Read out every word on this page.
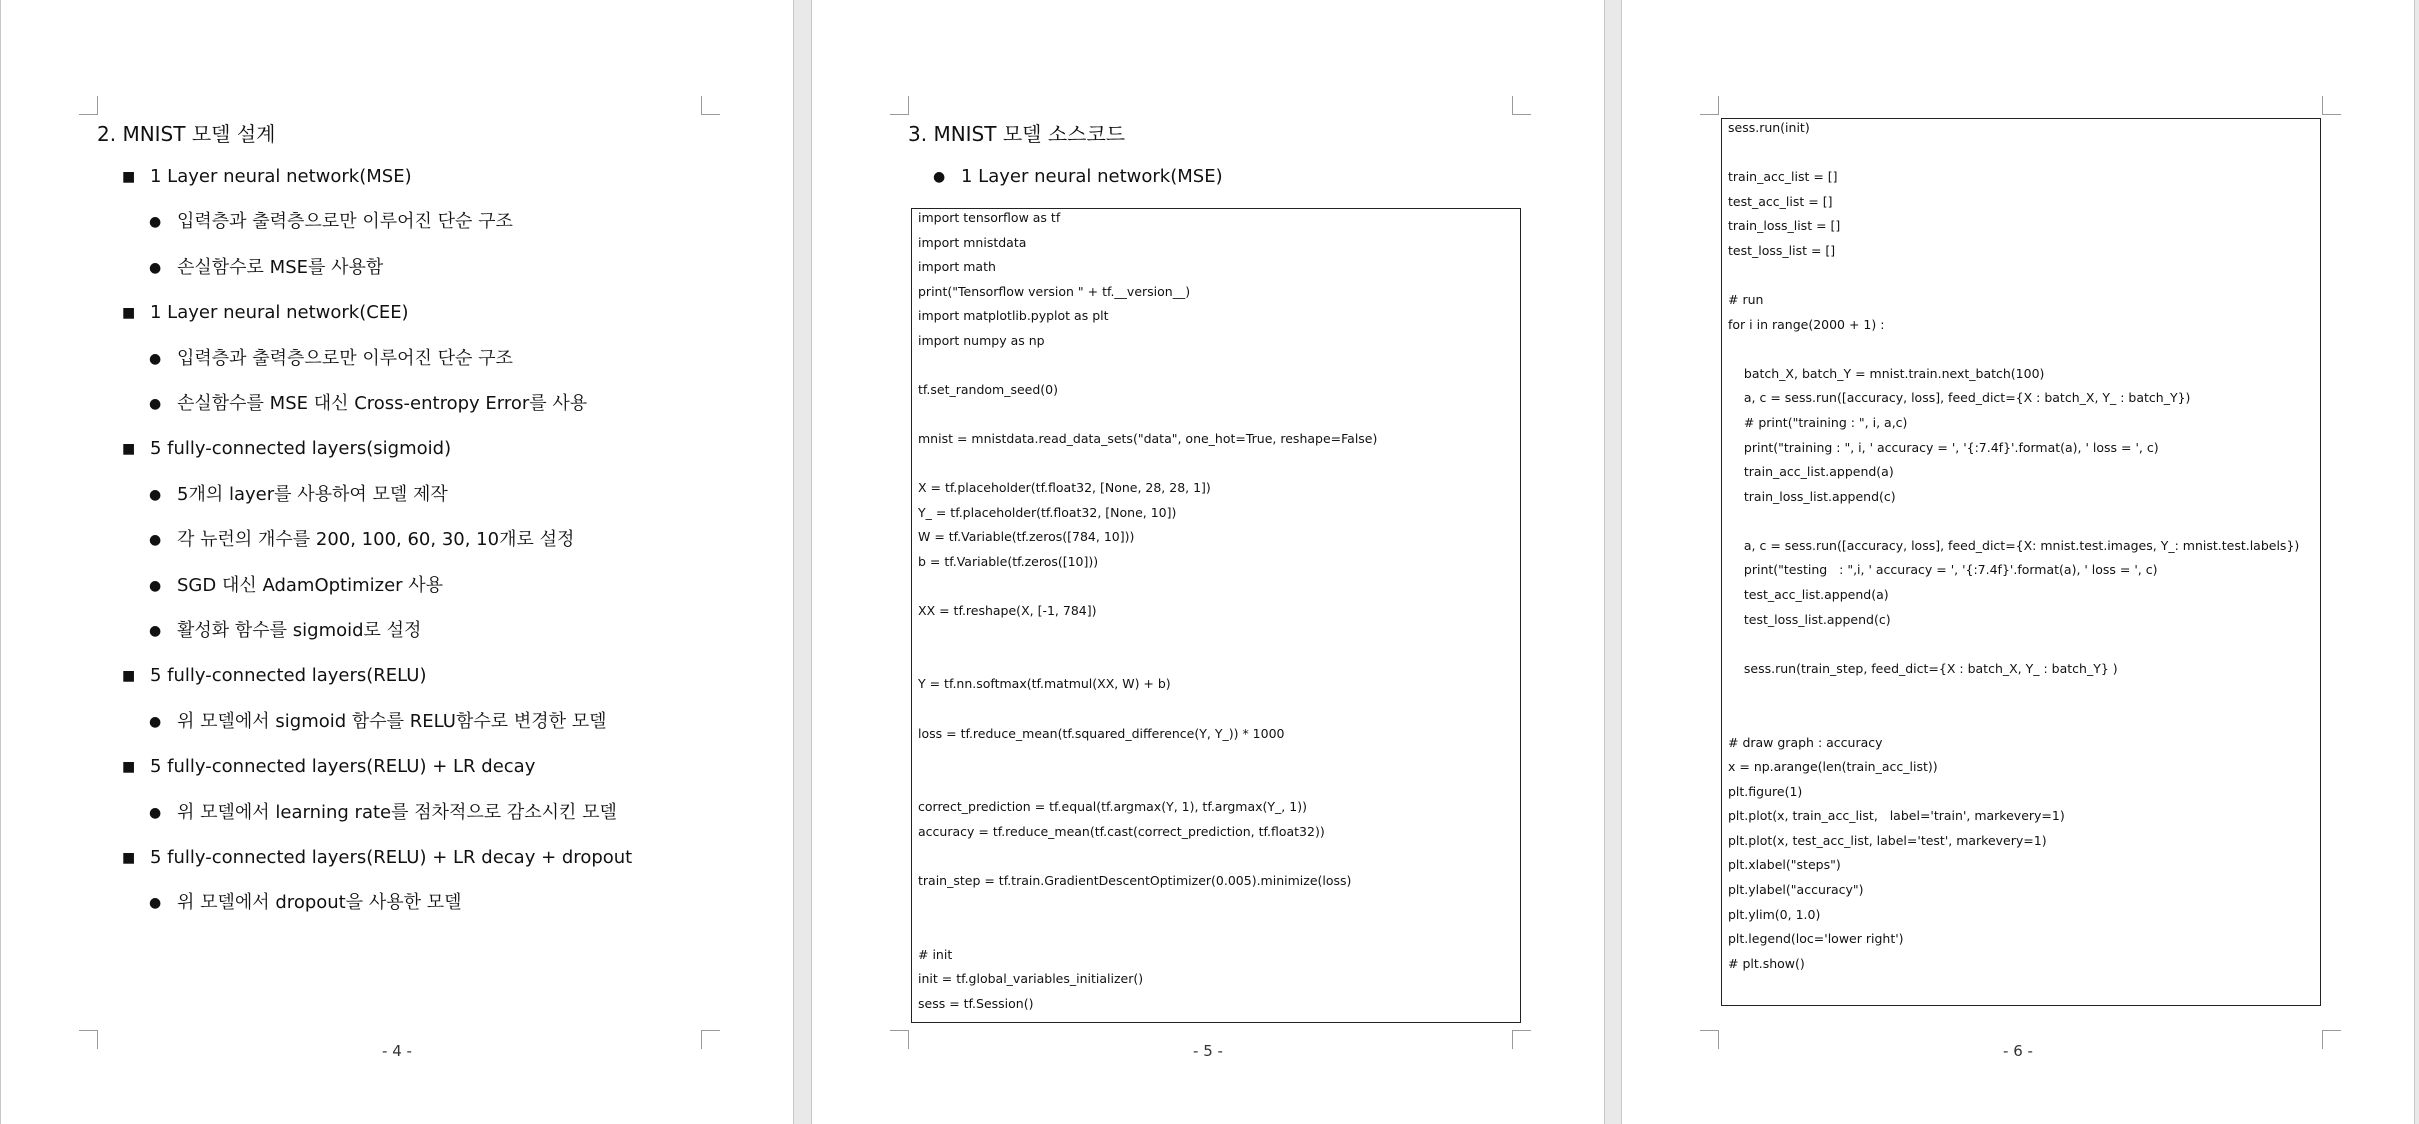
2. MNIST 모델 설계
- 4 -
■ 1 Layer neural network(MSE)
● 입력층과 출력층으로만 이루어진 단순 구조
● 손실함수로 MSE를 사용함
■ 1 Layer neural network(CEE)
● 입력층과 출력층으로만 이루어진 단순 구조
● 손실함수를 MSE 대신 Cross-entropy Error를 사용
■ 5 fully-connected layers(sigmoid)
● 5개의 layer를 사용하여 모델 제작
● 각 뉴런의 개수를 200, 100, 60, 30, 10개로 설정
● SGD 대신 AdamOptimizer 사용
● 활성화 함수를 sigmoid로 설정
■ 5 fully-connected layers(RELU)
● 위 모델에서 sigmoid 함수를 RELU함수로 변경한 모델
■ 5 fully-connected layers(RELU) + LR decay
● 위 모델에서 learning rate를 점차적으로 감소시킨 모델
■ 5 fully-connected layers(RELU) + LR decay + dropout
● 위 모델에서 dropout을 사용한 모델
3. MNIST 모델 소스코드
● 1 Layer neural network(MSE)
import tensorflow as tf
import mnistdata
import math
print("Tensorflow version " + tf.__version__)
import matplotlib.pyplot as plt
import numpy as np
tf.set_random_seed(0)
mnist = mnistdata.read_data_sets("data", one_hot=True, reshape=False)
X = tf.placeholder(tf.float32, [None, 28, 28, 1])
Y_ = tf.placeholder(tf.float32, [None, 10])
W = tf.Variable(tf.zeros([784, 10]))
b = tf.Variable(tf.zeros([10]))
XX = tf.reshape(X, [-1, 784])
Y = tf.nn.softmax(tf.matmul(XX, W) + b)
loss = tf.reduce_mean(tf.squared_difference(Y, Y_)) * 1000
correct_prediction = tf.equal(tf.argmax(Y, 1), tf.argmax(Y_, 1))
accuracy = tf.reduce_mean(tf.cast(correct_prediction, tf.float32))
train_step = tf.train.GradientDescentOptimizer(0.005).minimize(loss)
# init
init = tf.global_variables_initializer()
sess = tf.Session()
- 5 -
sess.run(init)
train_acc_list = []
test_acc_list = []
train_loss_list = []
test_loss_list = []
# run
for i in range(2000 + 1) :
batch_X, batch_Y = mnist.train.next_batch(100)
a, c = sess.run([accuracy, loss], feed_dict={X : batch_X, Y_ : batch_Y})
# print("training : ", i, a,c)
print("training : ", i, ' accuracy = ', '{:7.4f}'.format(a), ' loss = ', c)
train_acc_list.append(a)
train_loss_list.append(c)
a, c = sess.run([accuracy, loss], feed_dict={X: mnist.test.images, Y_: mnist.test.labels})
print("testing   : ",i, ' accuracy = ', '{:7.4f}'.format(a), ' loss = ', c)
test_acc_list.append(a)
test_loss_list.append(c)
sess.run(train_step, feed_dict={X : batch_X, Y_ : batch_Y} )
# draw graph : accuracy
x = np.arange(len(train_acc_list))
plt.figure(1)
plt.plot(x, train_acc_list,   label='train', markevery=1)
plt.plot(x, test_acc_list, label='test', markevery=1)
plt.xlabel("steps")
plt.ylabel("accuracy")
plt.ylim(0, 1.0)
plt.legend(loc='lower right')
# plt.show()
- 6 -
